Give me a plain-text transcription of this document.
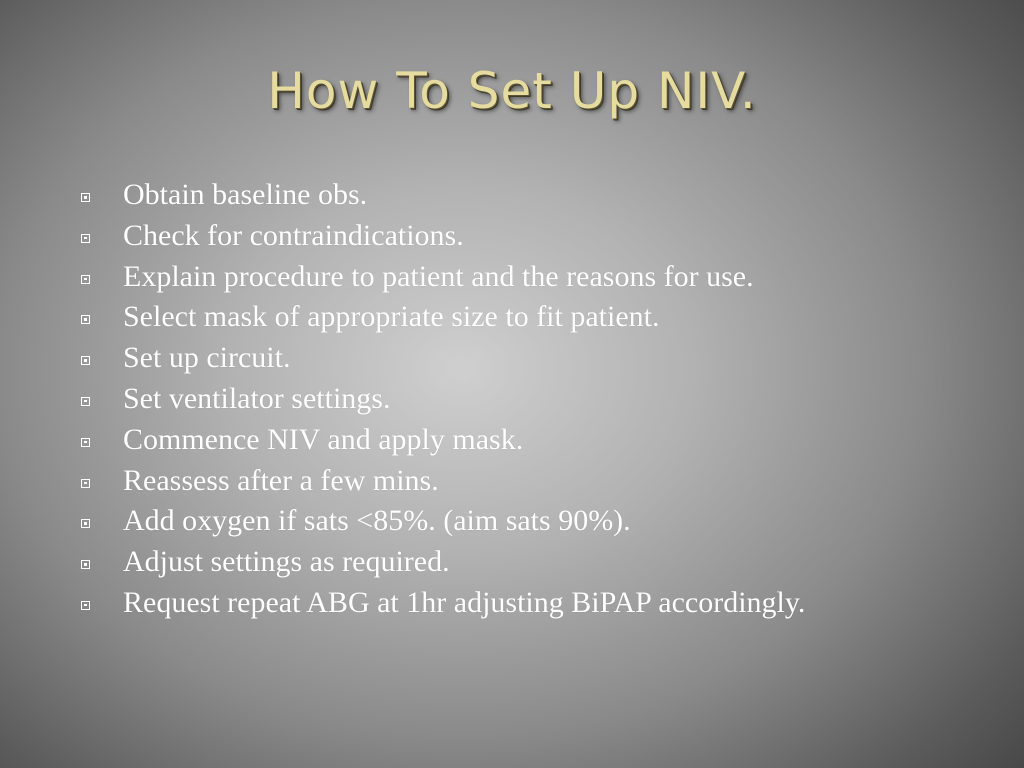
How To Set Up NIV.
Obtain baseline obs.
Check for contraindications.
Explain procedure to patient and the reasons for use.
Select mask of appropriate size to fit patient.
Set up circuit.
Set ventilator settings.
Commence NIV and apply mask.
Reassess after a few mins.
Add oxygen if sats <85%. (aim sats 90%).
Adjust settings as required.
Request repeat ABG at 1hr adjusting BiPAP accordingly.
